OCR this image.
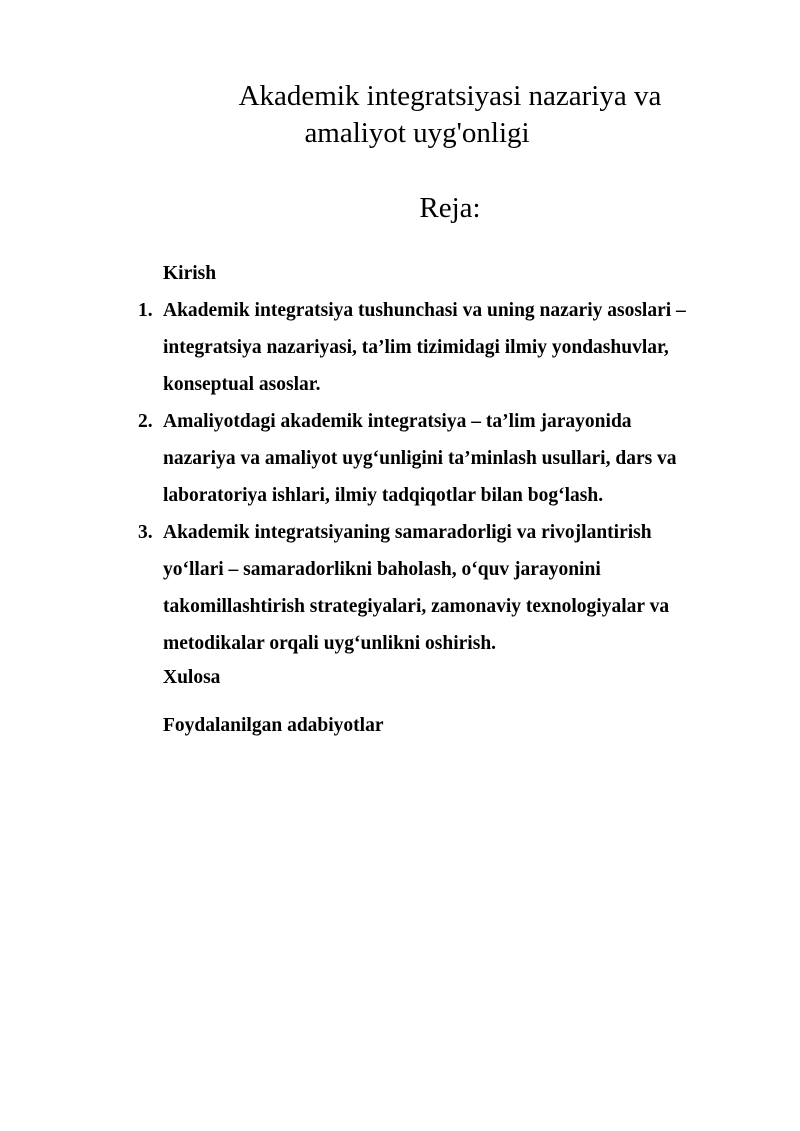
Akademik integratsiyasi nazariya va
amaliyot uyg'onligi
Reja:
Kirish
1. Akademik integratsiya tushunchasi va uning nazariy asoslari –
integratsiya nazariyasi, ta’lim tizimidagi ilmiy yondashuvlar,
konseptual asoslar.
2. Amaliyotdagi akademik integratsiya – ta’lim jarayonida
nazariya va amaliyot uyg‘unligini ta’minlash usullari, dars va
laboratoriya ishlari, ilmiy tadqiqotlar bilan bog‘lash.
3. Akademik integratsiyaning samaradorligi va rivojlantirish
yo‘llari – samaradorlikni baholash, o‘quv jarayonini
takomillashtirish strategiyalari, zamonaviy texnologiyalar va
metodikalar orqali uyg‘unlikni oshirish.
Xulosa
Foydalanilgan adabiyotlar
